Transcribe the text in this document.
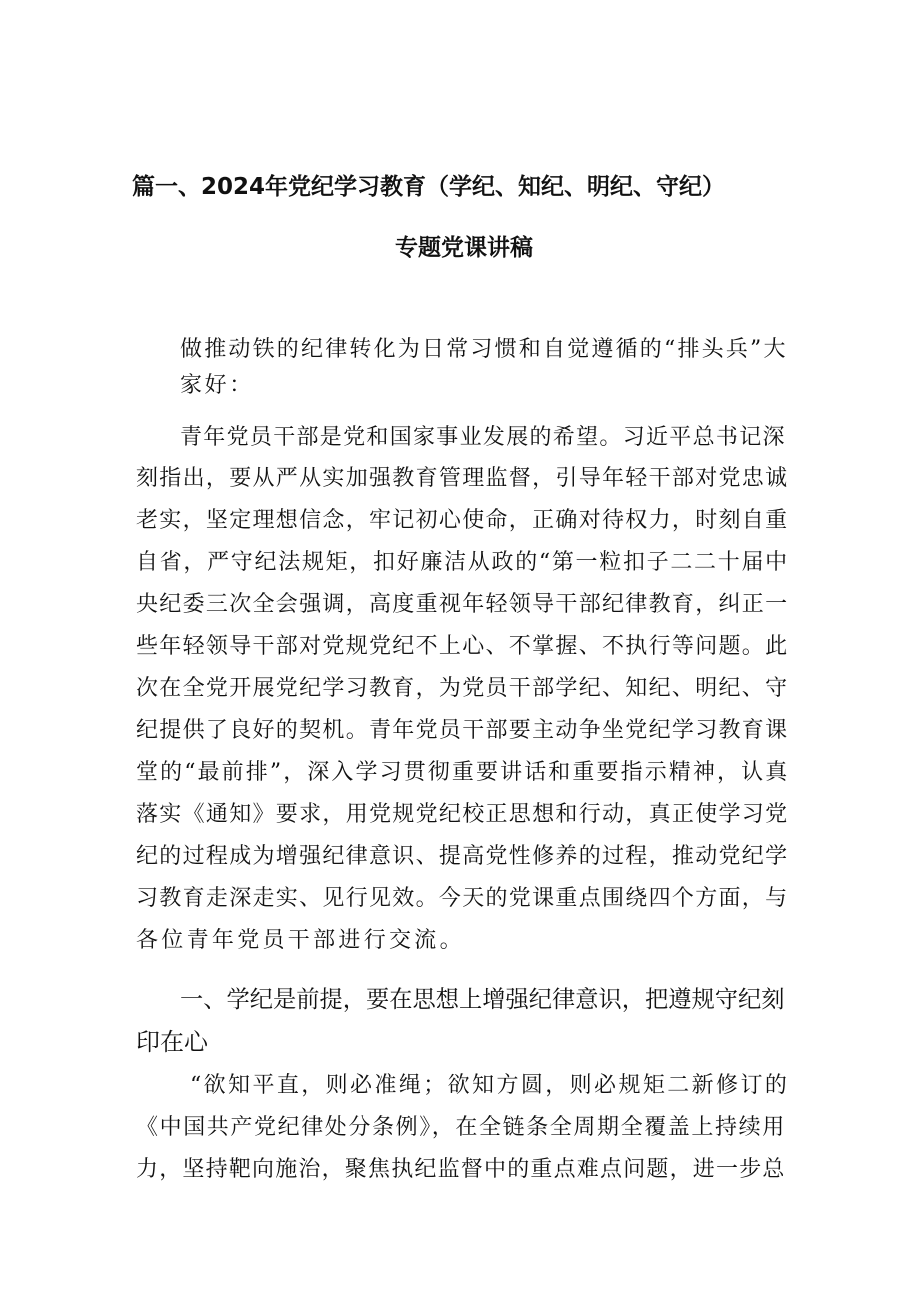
篇一、2024年党纪学习教育（学纪、知纪、明纪、守纪）
专题党课讲稿
做推动铁的纪律转化为日常习惯和自觉遵循的“排头兵”大
家好：
青年党员干部是党和国家事业发展的希望。习近平总书记深
刻指出，要从严从实加强教育管理监督，引导年轻干部对党忠诚
老实，坚定理想信念，牢记初心使命，正确对待权力，时刻自重
自省，严守纪法规矩，扣好廉洁从政的“第一粒扣子二二十届中
央纪委三次全会强调，高度重视年轻领导干部纪律教育，纠正一
些年轻领导干部对党规党纪不上心、不掌握、不执行等问题。此
次在全党开展党纪学习教育，为党员干部学纪、知纪、明纪、守
纪提供了良好的契机。青年党员干部要主动争坐党纪学习教育课
堂的“最前排”，深入学习贯彻重要讲话和重要指示精神，认真
落实《通知》要求，用党规党纪校正思想和行动，真正使学习党
纪的过程成为增强纪律意识、提高党性修养的过程，推动党纪学
习教育走深走实、见行见效。今天的党课重点围绕四个方面，与
各位青年党员干部进行交流。
一、学纪是前提，要在思想上增强纪律意识，把遵规守纪刻
印在心
“欲知平直，则必准绳；欲知方圆，则必规矩二新修订的
《中国共产党纪律处分条例》，在全链条全周期全覆盖上持续用
力，坚持靶向施治，聚焦执纪监督中的重点难点问题，进一步总
